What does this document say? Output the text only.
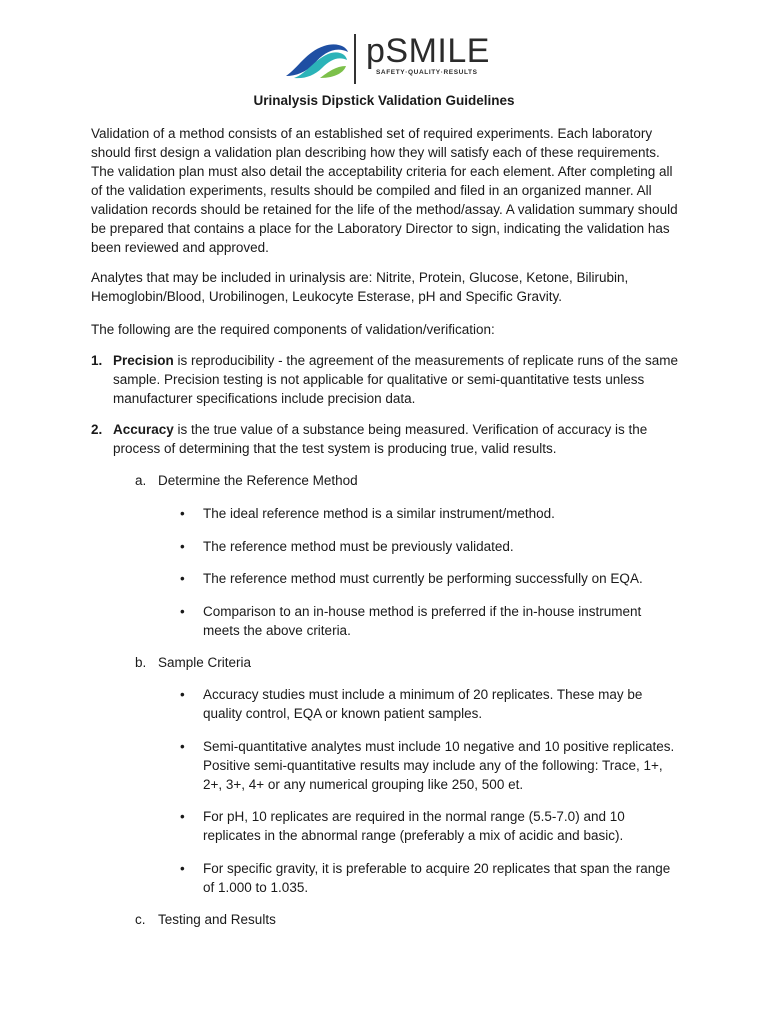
pSMILE
SAFETY·QUALITY·RESULTS
Urinalysis Dipstick Validation Guidelines
Validation of a method consists of an established set of required experiments. Each laboratory should first design a validation plan describing how they will satisfy each of these requirements. The validation plan must also detail the acceptability criteria for each element. After completing all of the validation experiments, results should be compiled and filed in an organized manner. All validation records should be retained for the life of the method/assay. A validation summary should be prepared that contains a place for the Laboratory Director to sign, indicating the validation has been reviewed and approved.
Analytes that may be included in urinalysis are: Nitrite, Protein, Glucose, Ketone, Bilirubin, Hemoglobin/Blood, Urobilinogen, Leukocyte Esterase, pH and Specific Gravity.
The following are the required components of validation/verification:
1. Precision is reproducibility - the agreement of the measurements of replicate runs of the same sample. Precision testing is not applicable for qualitative or semi-quantitative tests unless manufacturer specifications include precision data.
2. Accuracy is the true value of a substance being measured. Verification of accuracy is the process of determining that the test system is producing true, valid results.
a. Determine the Reference Method
• The ideal reference method is a similar instrument/method.
• The reference method must be previously validated.
• The reference method must currently be performing successfully on EQA.
• Comparison to an in-house method is preferred if the in-house instrument meets the above criteria.
b. Sample Criteria
• Accuracy studies must include a minimum of 20 replicates. These may be quality control, EQA or known patient samples.
• Semi-quantitative analytes must include 10 negative and 10 positive replicates. Positive semi-quantitative results may include any of the following: Trace, 1+, 2+, 3+, 4+ or any numerical grouping like 250, 500 et.
• For pH, 10 replicates are required in the normal range (5.5-7.0) and 10 replicates in the abnormal range (preferably a mix of acidic and basic).
• For specific gravity, it is preferable to acquire 20 replicates that span the range of 1.000 to 1.035.
c. Testing and Results
